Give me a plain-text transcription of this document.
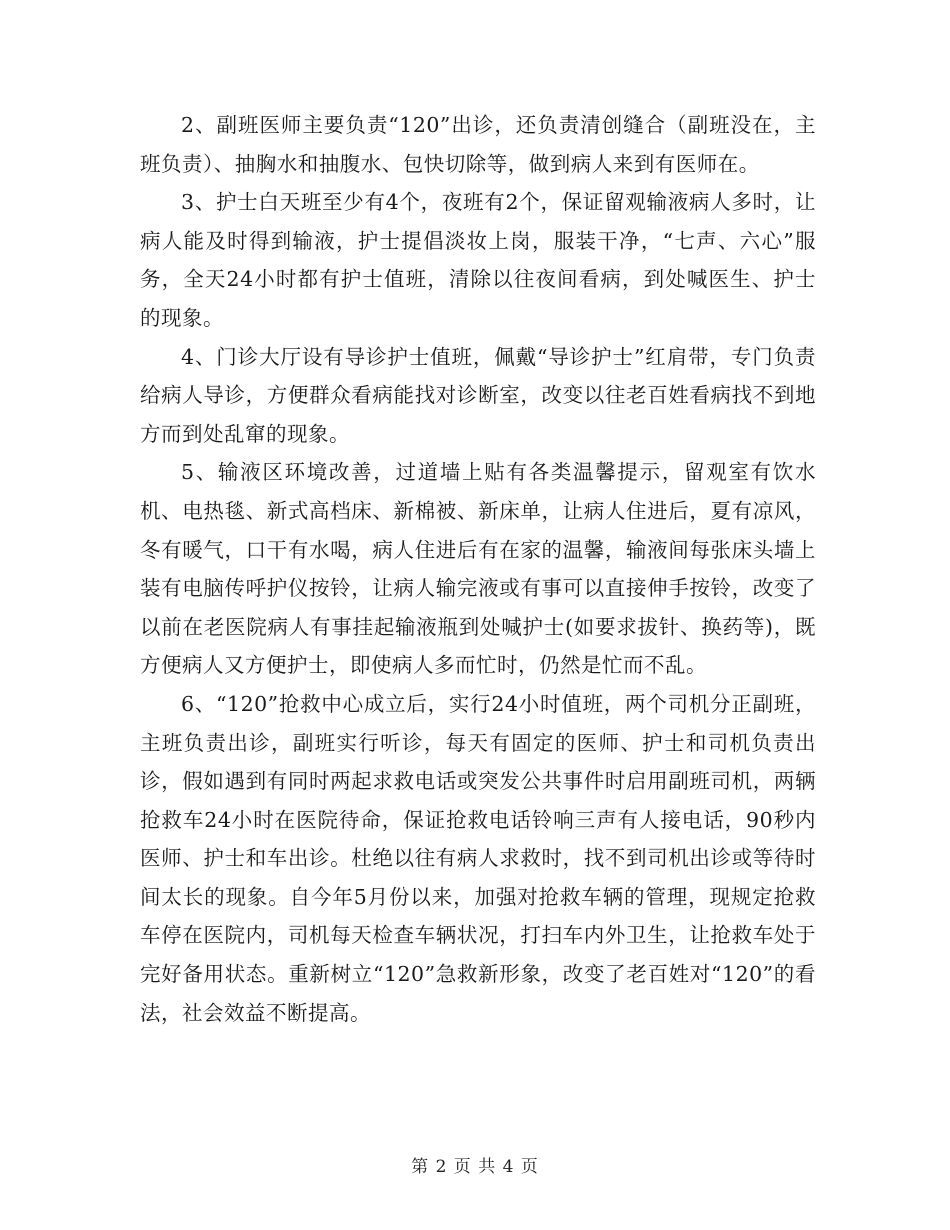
2、副班医师主要负责“120”出诊，还负责清创缝合（副班没在，主班负责）、抽胸水和抽腹水、包快切除等，做到病人来到有医师在。

3、护士白天班至少有4个，夜班有2个，保证留观输液病人多时，让病人能及时得到输液，护士提倡淡妆上岗，服装干净，“七声、六心”服务，全天24小时都有护士值班，清除以往夜间看病，到处喊医生、护士的现象。

4、门诊大厅设有导诊护士值班，佩戴“导诊护士”红肩带，专门负责给病人导诊，方便群众看病能找对诊断室，改变以往老百姓看病找不到地方而到处乱窜的现象。

5、输液区环境改善，过道墙上贴有各类温馨提示，留观室有饮水机、电热毯、新式高档床、新棉被、新床单，让病人住进后，夏有凉风，冬有暖气，口干有水喝，病人住进后有在家的温馨，输液间每张床头墙上装有电脑传呼护仪按铃，让病人输完液或有事可以直接伸手按铃，改变了以前在老医院病人有事挂起输液瓶到处喊护士(如要求拔针、换药等)，既方便病人又方便护士，即使病人多而忙时，仍然是忙而不乱。

6、“120”抢救中心成立后，实行24小时值班，两个司机分正副班，主班负责出诊，副班实行听诊，每天有固定的医师、护士和司机负责出诊，假如遇到有同时两起求救电话或突发公共事件时启用副班司机，两辆抢救车24小时在医院待命，保证抢救电话铃响三声有人接电话，90秒内医师、护士和车出诊。杜绝以往有病人求救时，找不到司机出诊或等待时间太长的现象。自今年5月份以来，加强对抢救车辆的管理，现规定抢救车停在医院内，司机每天检查车辆状况，打扫车内外卫生，让抢救车处于完好备用状态。重新树立“120”急救新形象，改变了老百姓对“120”的看法，社会效益不断提高。

第 2 页 共 4 页
